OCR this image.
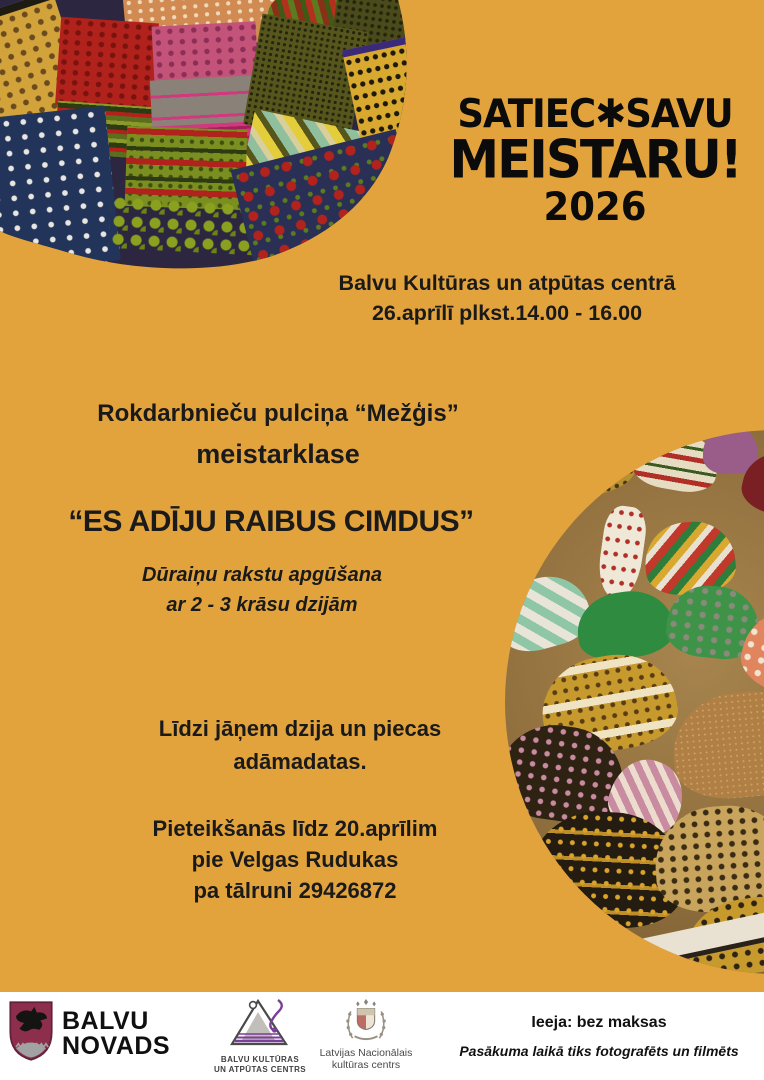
SATIEC✱SAVU
MEISTARU!
2026
Balvu Kultūras un atpūtas centrā
26.aprīlī plkst.14.00 - 16.00
Rokdarbnieču pulciņa “Mežģis”
meistarklase
“ES ADĪJU RAIBUS CIMDUS”
Dūraiņu rakstu apgūšana
ar 2 - 3 krāsu dzijām
Līdzi jāņem dzija un piecas
adāmadatas.
Pieteikšanās līdz 20.aprīlim
pie Velgas Rudukas
pa tālruni 29426872
BALVU
NOVADS	BALVU KULTŪRAS
UN ATPŪTAS CENTRS
Latvijas Nacionālais
kultūras centrs
Ieeja: bez maksas
Pasākuma laikā tiks fotografēts un filmēts
